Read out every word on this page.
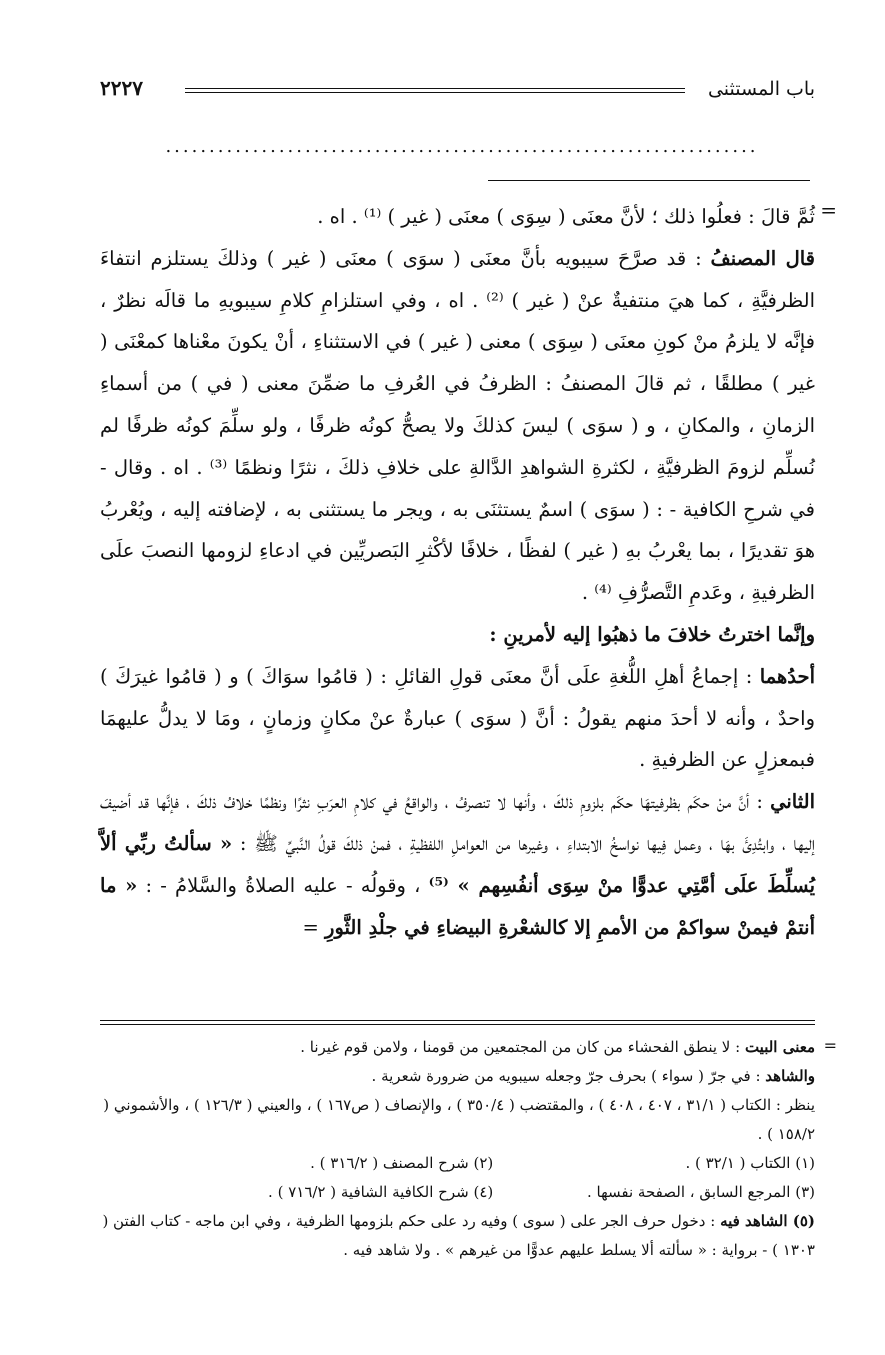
باب المستثنى
٢٢٢٧
....................................................................
=

ثُمَّ قالَ : فعلُوا ذلك ؛ لأنَّ معنَى ( سِوَى ) معنَى ( غير ) ⁽¹⁾ . اه .

قال المصنفُ : قد صرَّحَ سيبويه بأنَّ معنَى ( سوَى ) معنَى ( غير ) وذلكَ يستلزم انتفاءَ الظرفيَّةِ ، كما هيَ منتفيةٌ عنْ ( غير ) ⁽²⁾ . اه ، وفي استلزامِ كلامِ سيبويهِ ما قالَه نظرٌ ، فإنَّه لا يلزمُ منْ كونِ معنَى ( سِوَى ) معنى ( غير ) في الاستثناءِ ، أنْ يكونَ معْناها كمعْنَى ( غير ) مطلقًا ، ثم قالَ المصنفُ : الظرفُ في العُرفِ ما ضمِّنَ معنى ( في ) من أسماءِ الزمانِ ، والمكانِ ، و ( سوَى ) ليسَ كذلكَ ولا يصحُّ كونُه ظرفًا ، ولو سلِّمَ كونُه ظرفًا لم نُسلِّم لزومَ الظرفيَّةِ ، لكثرةِ الشواهدِ الدَّالةِ على خلافِ ذلكَ ، نثرًا ونظمًا ⁽³⁾ . اه . وقال - في شرحِ الكافية - : ( سوَى ) اسمٌ يستثنَى به ، ويجر ما يستثنى به ، لإضافته إليه ، ويُعْربُ هوَ تقديرًا ، بما يعْربُ بهِ ( غير ) لفظًا ، خلافًا لأكْثرِ البَصريِّين في ادعاءِ لزومها النصبَ علَى الظرفيةِ ، وعَدمِ التَّصرُّفِ ⁽⁴⁾ .

وإنَّما اخترتُ خلافَ ما ذهبُوا إليه لأمرينِ :

أحدُهما : إجماعُ أهلِ اللُّغةِ علَى أنَّ معنَى قولِ القائلِ : ( قامُوا سوَاكَ ) و ( قامُوا غيرَكَ ) واحدٌ ، وأنه لا أحدَ منهم يقولُ : أنَّ ( سوَى ) عبارةٌ عنْ مكانٍ وزمانٍ ، ومَا لا يدلُّ عليهمَا فبمعزلٍ عن الظرفيةِ .

الثاني : أنَّ منْ حكَم بظرفيتهَا حكَم بلزومِ ذلكَ ، وأنها لا تنصرفُ ، والواقعُ في كلامِ العرَبِ نثرًا ونظمًا خلافُ ذلكَ ، فإنَّها قد أضيفَ إليها ، وابتُدِئَ بهَا ، وعمل فِيها نواسخُ الابتداءِ ، وغيرها من العواملِ اللفظيةِ ، فمنْ ذلكَ قولُ النَّبيِّ ﷺ : « سألتُ ربِّي ألاَّ يُسلِّطَ علَى أمَّتِي عدوًّا منْ سِوَى أنفُسِهم » ⁽⁵⁾ ، وقولُه - عليه الصلاةُ والسَّلامُ - : « ما أنتمْ فيمنْ سواكمْ من الأممِ إلا كالشعْرةِ البيضاءِ في جلْدِ الثَّورِ =

=

معنى البيت : لا ينطق الفحشاء من كان من المجتمعين من قومنا ، ولامن قوم غيرنا .

والشاهد : في جرّ ( سواء ) بحرف جرّ وجعله سيبويه من ضرورة شعرية .

ينظر : الكتاب ( ٣١/١ ، ٤٠٧ ، ٤٠٨ ) ، والمقتضب ( ٣٥٠/٤ ) ، والإنصاف ( ص١٦٧ ) ، والعيني ( ١٢٦/٣ ) ، والأشموني ( ١٥٨/٢ ) .

(١) الكتاب ( ٣٢/١ ) .
(٢) شرح المصنف ( ٣١٦/٢ ) .
(٣) المرجع السابق ، الصفحة نفسها .
(٤) شرح الكافية الشافية ( ٧١٦/٢ ) .

(٥) الشاهد فيه : دخول حرف الجر على ( سوى ) وفيه رد على حكم بلزومها الظرفية ، وفي ابن ماجه - كتاب الفتن ( ١٣٠٣ ) - برواية : « سألته ألا يسلط عليهم عدوًّا من غيرهم » . ولا شاهد فيه .
